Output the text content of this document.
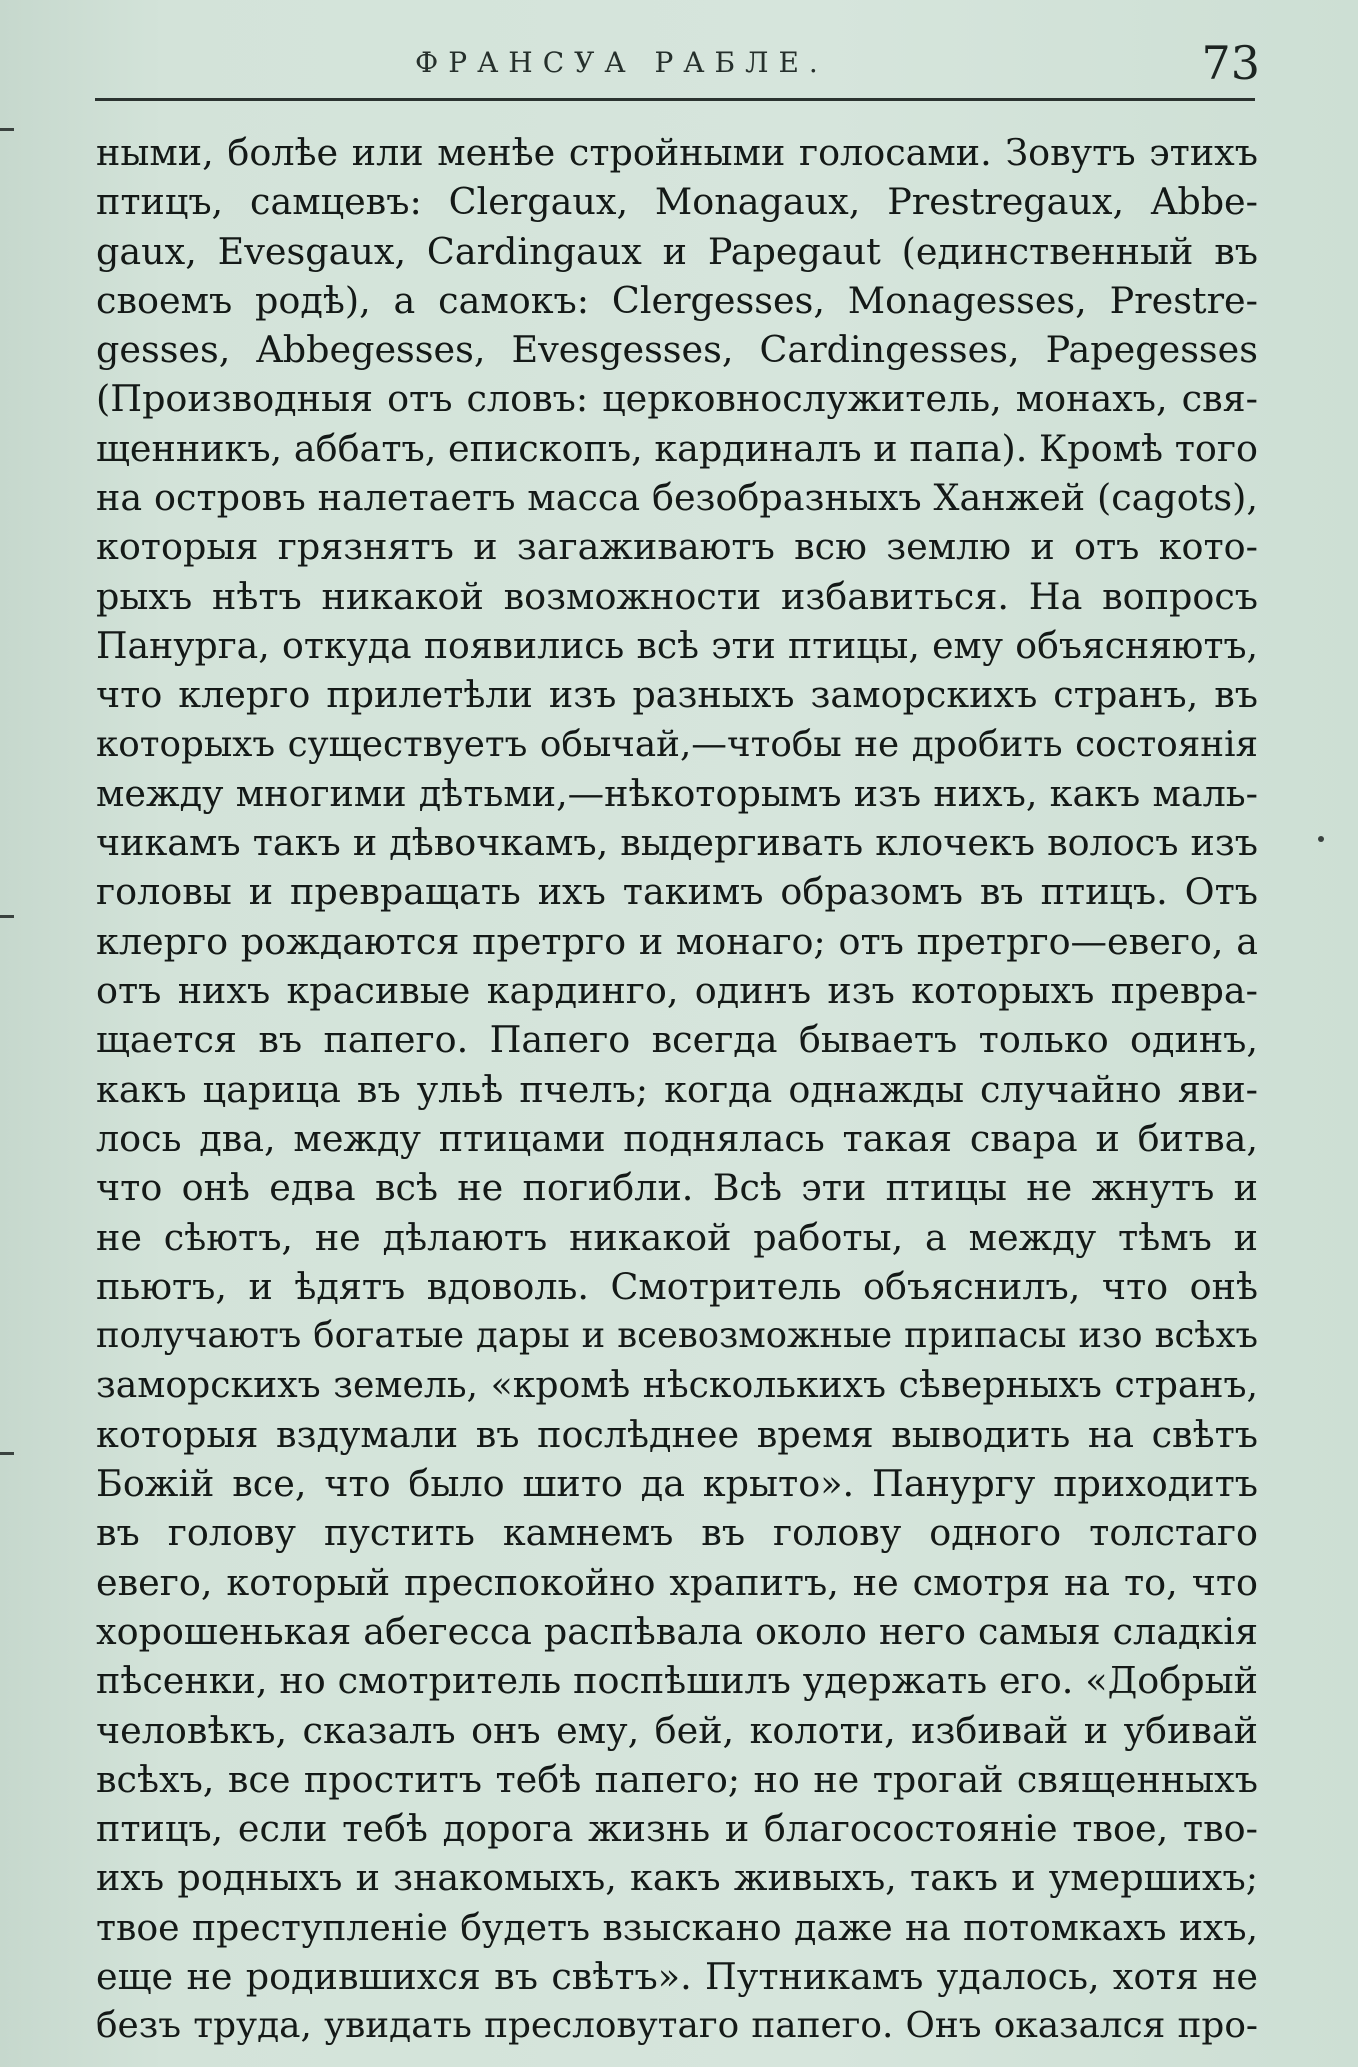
ФРАНСУА РАБЛЕ.	73
ными, болѣе или менѣе стройными голосами. Зовутъ этихъ
птицъ, самцевъ: Clergaux, Monagaux, Prestregaux, Abbe-
gaux, Evesgaux, Cardingaux и Papegaut (единственный въ
своемъ родѣ), а самокъ: Clergesses, Monagesses, Prestre-
gesses, Abbegesses, Evesgesses, Cardingesses, Papegesses
(Производныя отъ словъ: церковнослужитель, монахъ, свя-
щенникъ, аббатъ, епископъ, кардиналъ и папа). Кромѣ того
на островъ налетаетъ масса безобразныхъ Ханжей (cagots),
которыя грязнятъ и загаживаютъ всю землю и отъ кото-
рыхъ нѣтъ никакой возможности избавиться. На вопросъ
Панурга, откуда появились всѣ эти птицы, ему объясняютъ,
что клерго прилетѣли изъ разныхъ заморскихъ странъ, въ
которыхъ существуетъ обычай,—чтобы не дробить состоянія
между многими дѣтьми,—нѣкоторымъ изъ нихъ, какъ маль-
чикамъ такъ и дѣвочкамъ, выдергивать клочекъ волосъ изъ
головы и превращать ихъ такимъ образомъ въ птицъ. Отъ
клерго рождаются претрго и монаго; отъ претрго—евего, а
отъ нихъ красивые кардинго, одинъ изъ которыхъ превра-
щается въ папего. Папего всегда бываетъ только одинъ,
какъ царица въ ульѣ пчелъ; когда однажды случайно яви-
лось два, между птицами поднялась такая свара и битва,
что онѣ едва всѣ не погибли. Всѣ эти птицы не жнутъ и
не сѣютъ, не дѣлаютъ никакой работы, а между тѣмъ и
пьютъ, и ѣдятъ вдоволь. Смотритель объяснилъ, что онѣ
получаютъ богатые дары и всевозможные припасы изо всѣхъ
заморскихъ земель, «кромѣ нѣсколькихъ сѣверныхъ странъ,
которыя вздумали въ послѣднее время выводить на свѣтъ
Божій все, что было шито да крыто». Панургу приходитъ
въ голову пустить камнемъ въ голову одного толстаго
евего, который преспокойно храпитъ, не смотря на то, что
хорошенькая абегесса распѣвала около него самыя сладкія
пѣсенки, но смотритель поспѣшилъ удержать его. «Добрый
человѣкъ, сказалъ онъ ему, бей, колоти, избивай и убивай
всѣхъ, все проститъ тебѣ папего; но не трогай священныхъ
птицъ, если тебѣ дорога жизнь и благосостояніе твое, тво-
ихъ родныхъ и знакомыхъ, какъ живыхъ, такъ и умершихъ;
твое преступленіе будетъ взыскано даже на потомкахъ ихъ,
еще не родившихся въ свѣтъ». Путникамъ удалось, хотя не
безъ труда, увидать пресловутаго папего. Онъ оказался про-
